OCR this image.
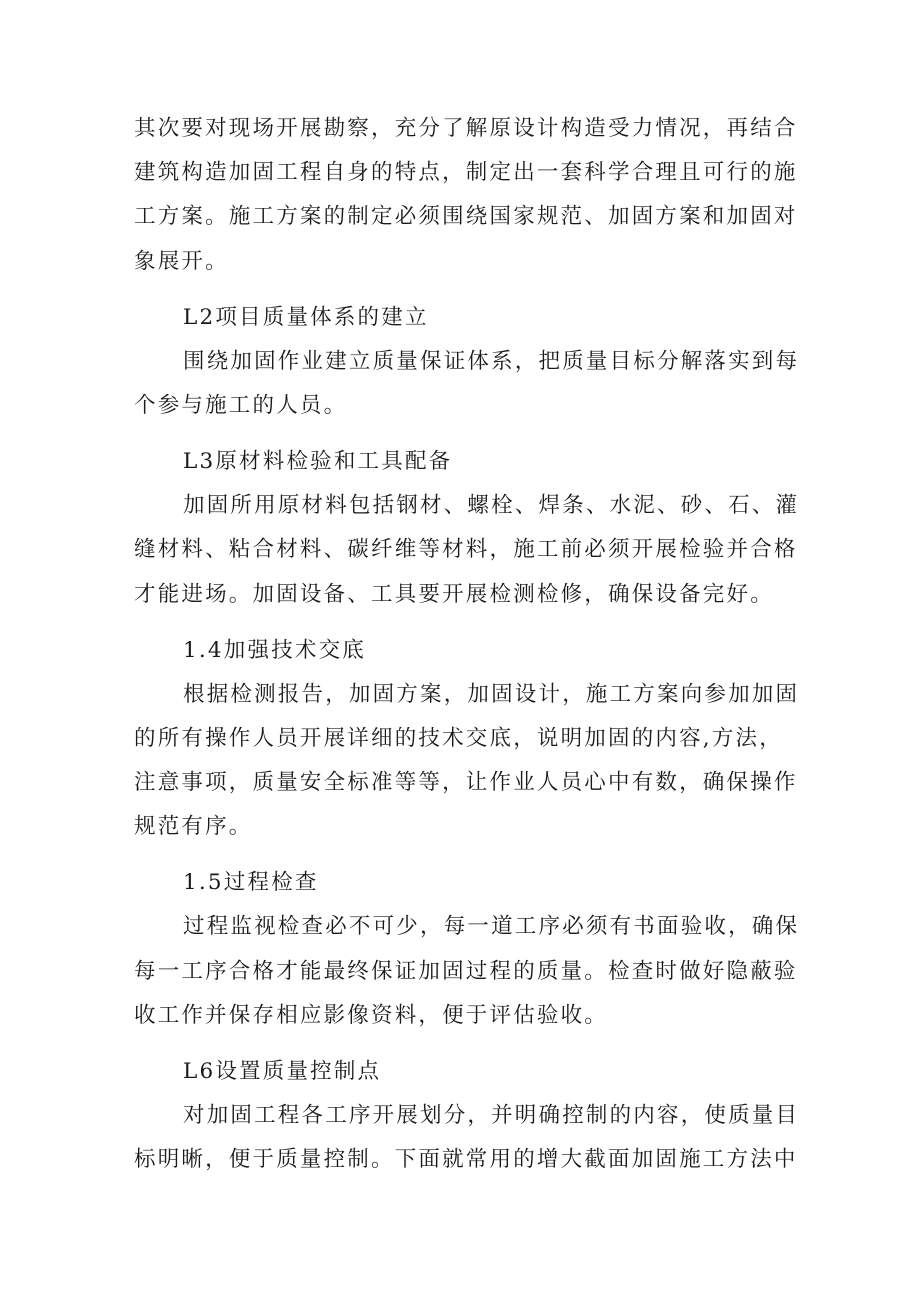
其次要对现场开展勘察，充分了解原设计构造受力情况，再结合
建筑构造加固工程自身的特点，制定出一套科学合理且可行的施
工方案。施工方案的制定必须围绕国家规范、加固方案和加固对
象展开。
L2项目质量体系的建立
围绕加固作业建立质量保证体系，把质量目标分解落实到每
个参与施工的人员。
L3原材料检验和工具配备
加固所用原材料包括钢材、螺栓、焊条、水泥、砂、石、灌
缝材料、粘合材料、碳纤维等材料，施工前必须开展检验并合格
才能进场。加固设备、工具要开展检测检修，确保设备完好。
1.4加强技术交底
根据检测报告，加固方案，加固设计，施工方案向参加加固
的所有操作人员开展详细的技术交底，说明加固的内容,方法，
注意事项，质量安全标准等等，让作业人员心中有数，确保操作
规范有序。
1.5过程检查
过程监视检查必不可少，每一道工序必须有书面验收，确保
每一工序合格才能最终保证加固过程的质量。检查时做好隐蔽验
收工作并保存相应影像资料，便于评估验收。
L6设置质量控制点
对加固工程各工序开展划分，并明确控制的内容，使质量目
标明晰，便于质量控制。下面就常用的增大截面加固施工方法中
